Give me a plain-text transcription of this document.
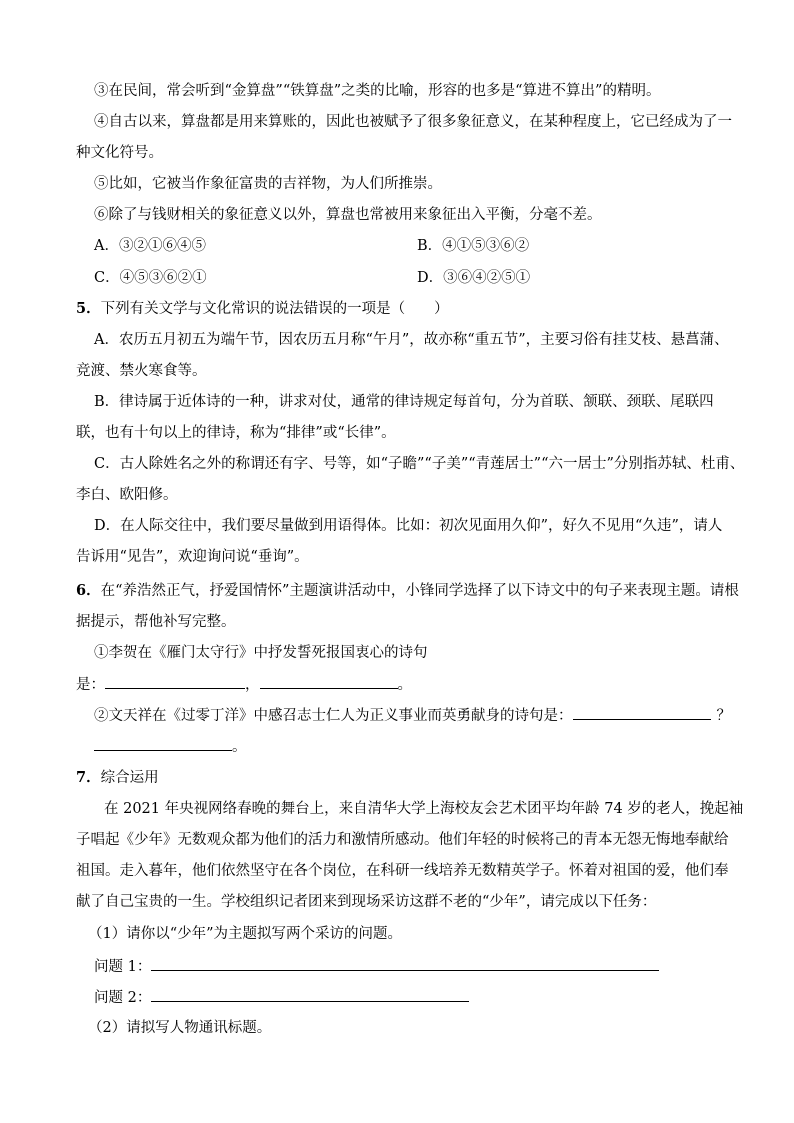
③在民间，常会听到“金算盘”“铁算盘”之类的比喻，形容的也多是“算进不算出”的精明。
④自古以来，算盘都是用来算账的，因此也被赋予了很多象征意义，在某种程度上，它已经成为了一
种文化符号。
⑤比如，它被当作象征富贵的吉祥物，为人们所推崇。
⑥除了与钱财相关的象征意义以外，算盘也常被用来象征出入平衡，分毫不差。
A．③②①⑥④⑤	B．④①⑤③⑥②
C．④⑤③⑥②①	D．③⑥④②⑤①
5．下列有关文学与文化常识的说法错误的一项是（　　）
A．农历五月初五为端午节，因农历五月称“午月”，故亦称“重五节”，主要习俗有挂艾枝、悬菖蒲、
竞渡、禁火寒食等。
B．律诗属于近体诗的一种，讲求对仗，通常的律诗规定每首句，分为首联、颔联、颈联、尾联四
联，也有十句以上的律诗，称为“排律”或“长律”。
C．古人除姓名之外的称谓还有字、号等，如“子瞻”“子美”“青莲居士”“六一居士”分别指苏轼、杜甫、
李白、欧阳修。
D．在人际交往中，我们要尽量做到用语得体。比如：初次见面用久仰”，好久不见用“久违”，请人
告诉用“见告”，欢迎询问说“垂询”。
6．在“养浩然正气，抒爱国情怀”主题演讲活动中，小锋同学选择了以下诗文中的句子来表现主题。请根
据提示，帮他补写完整。
①李贺在《雁门太守行》中抒发誓死报国衷心的诗句
是：	，	。
②文天祥在《过零丁洋》中感召志士仁人为正义事业而英勇献身的诗句是：	？
。
7．综合运用
在 2021 年央视网络春晚的舞台上，来自清华大学上海校友会艺术团平均年龄 74 岁的老人，挽起袖
子唱起《少年》无数观众都为他们的活力和激情所感动。他们年轻的时候将己的青本无怨无悔地奉献给
祖国。走入暮年，他们依然坚守在各个岗位，在科研一线培养无数精英学子。怀着对祖国的爱，他们奉
献了自己宝贵的一生。学校组织记者团来到现场采访这群不老的“少年”，请完成以下任务：
（1）请你以“少年”为主题拟写两个采访的问题。
问题 1：
问题 2：
（2）请拟写人物通讯标题。
